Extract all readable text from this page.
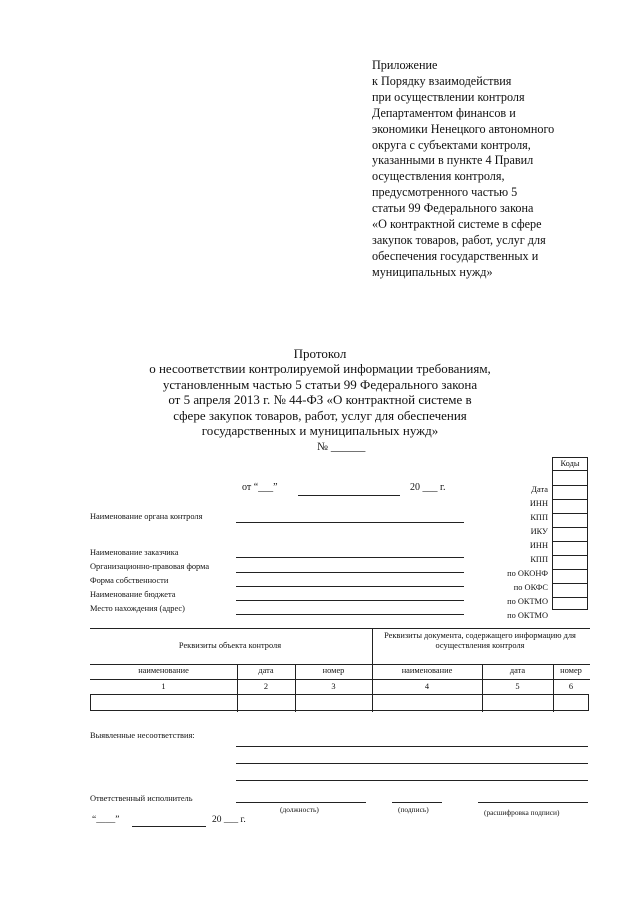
Приложение
к Порядку взаимодействия
при осуществлении контроля
Департаментом финансов и
экономики Ненецкого автономного
округа с субъектами контроля,
указанными в пункте 4 Правил
осуществления контроля,
предусмотренного частью 5
статьи 99 Федерального закона
«О контрактной системе в сфере
закупок товаров, работ, услуг для
обеспечения государственных и
муниципальных нужд»
Протокол
о несоответствии контролируемой информации требованиям,
установленным частью 5 статьи 99 Федерального закона
от 5 апреля 2013 г. № 44-ФЗ «О контрактной системе в
сфере закупок товаров, работ, услуг для обеспечения
государственных и муниципальных нужд»
№ ______
Коды
Дата
ИНН
КПП
ИКУ
ИНН
КПП
по ОКОНФ
по ОКФС
по ОКТМО
по ОКТМО
от “___”	20 ___ г.
Наименование органа контроля
Наименование заказчика
Организационно-правовая форма
Форма собственности
Наименование бюджета
Место нахождения (адрес)
Реквизиты объекта контроля
Реквизиты документа, содержащего информацию для осуществления контроля
наименование	дата	номер	наименование	дата	номер
1	2	3	4	5	6
Выявленные несоответствия:
Ответственный исполнитель
(должность)	(подпись)	(расшифровка подписи)
“____”	20 ___ г.
